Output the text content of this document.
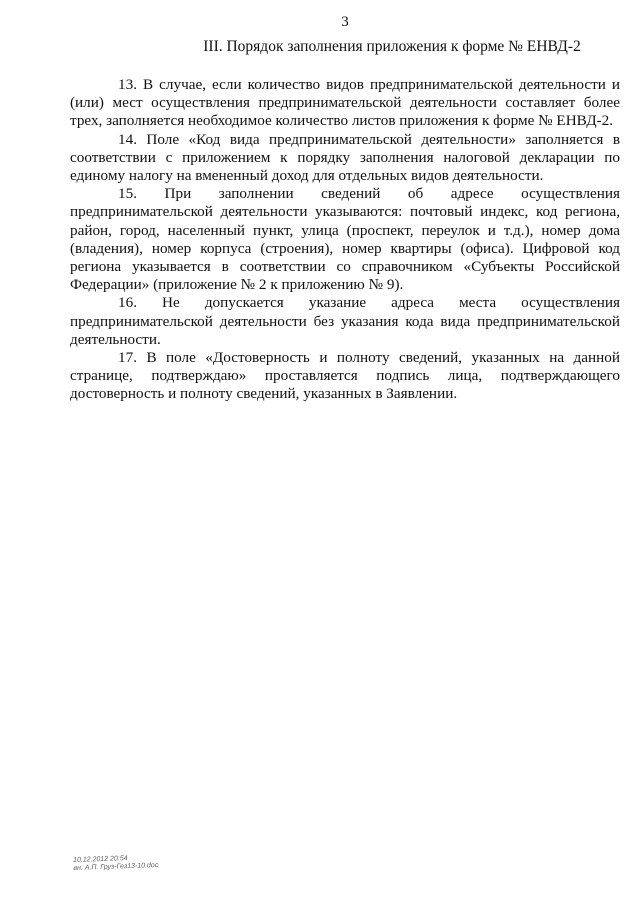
3
III. Порядок заполнения приложения к форме № ЕНВД-2

13. В случае, если количество видов предпринимательской деятельности и (или) мест осуществления предпринимательской деятельности составляет более трех, заполняется необходимое количество листов приложения к форме № ЕНВД-2.

14. Поле «Код вида предпринимательской деятельности» заполняется в соответствии с приложением к порядку заполнения налоговой декларации по единому налогу на вмененный доход для отдельных видов деятельности.

15. При заполнении сведений об адресе осуществления предпринимательской деятельности указываются: почтовый индекс, код региона, район, город, населенный пункт, улица (проспект, переулок и т.д.), номер дома (владения), номер корпуса (строения), номер квартиры (офиса). Цифровой код региона указывается в соответствии со справочником «Субъекты Российской Федерации» (приложение № 2 к приложению № 9).

16. Не допускается указание адреса места осуществления предпринимательской деятельности без указания кода вида предпринимательской деятельности.

17. В поле «Достоверность и полноту сведений, указанных на данной странице, подтверждаю» проставляется подпись лица, подтверждающего достоверность и полноту сведений, указанных в Заявлении.

10.12.2012 20:54
вн. А.П. Груз-Гез13-10.doc
